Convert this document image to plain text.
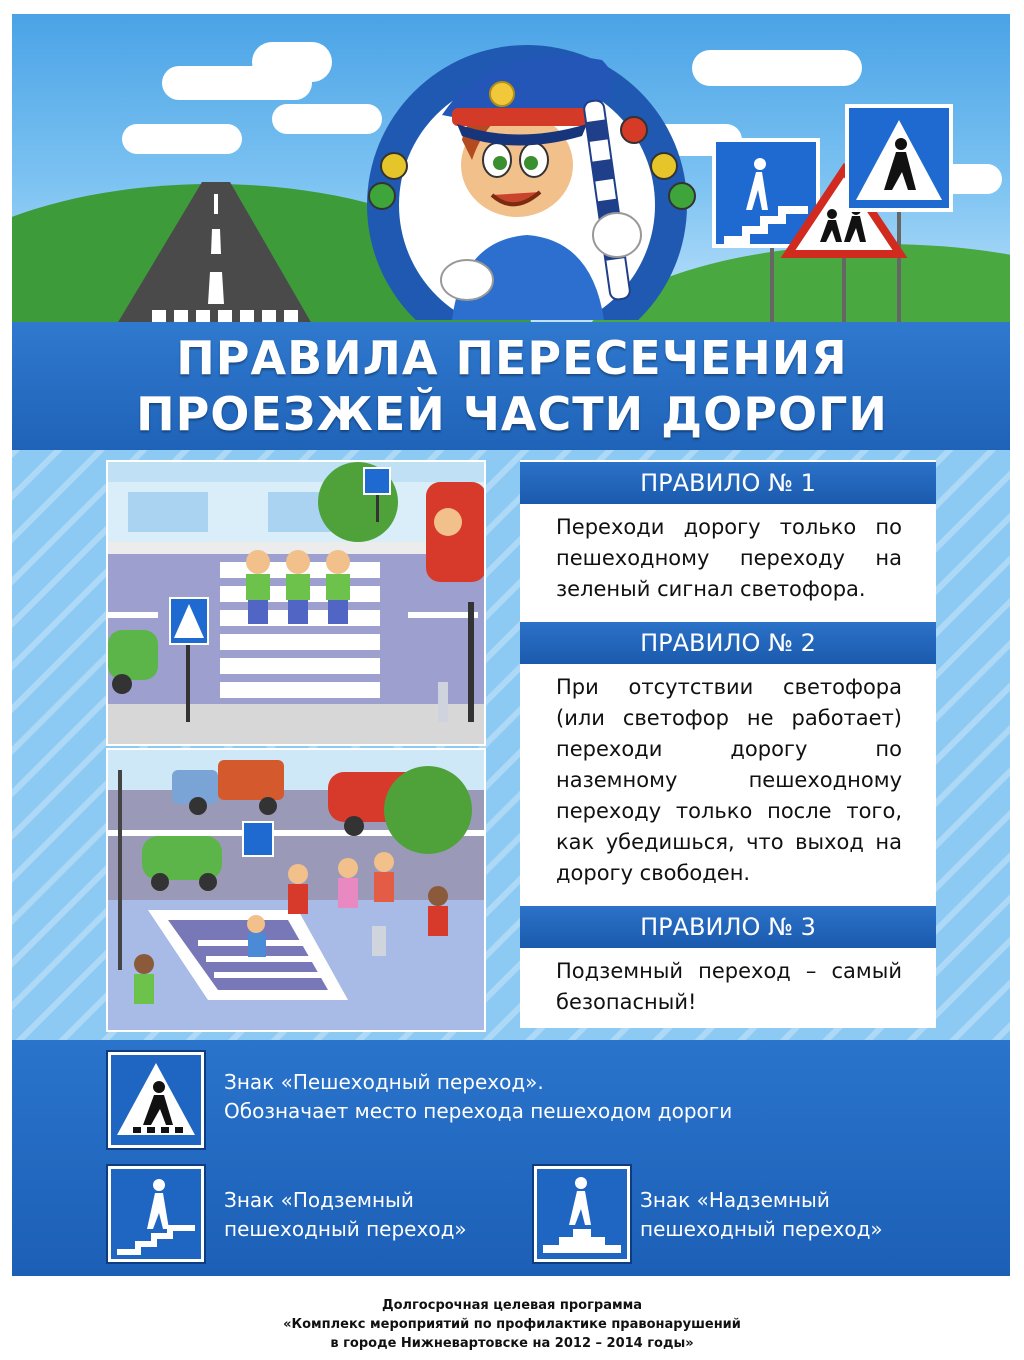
ПРАВИЛА ПЕРЕСЕЧЕНИЯ
ПРОЕЗЖЕЙ ЧАСТИ ДОРОГИ
ПРАВИЛО № 1
Переходи дорогу только по пешеходному переходу на зеленый сигнал светофора.
ПРАВИЛО № 2
При отсутствии светофора (или светофор не работает) переходи дорогу по наземному пешеходному переходу только после того, как убедишься, что выход на дорогу свободен.
ПРАВИЛО № 3
Подземный переход – самый безопасный!
Знак «Пешеходный переход».
Обозначает место перехода пешеходом дороги
Знак «Подземный
пешеходный переход»
Знак «Надземный
пешеходный переход»
Долгосрочная целевая программа
«Комплекс мероприятий по профилактике правонарушений
в городе Нижневартовске на 2012 – 2014 годы»
